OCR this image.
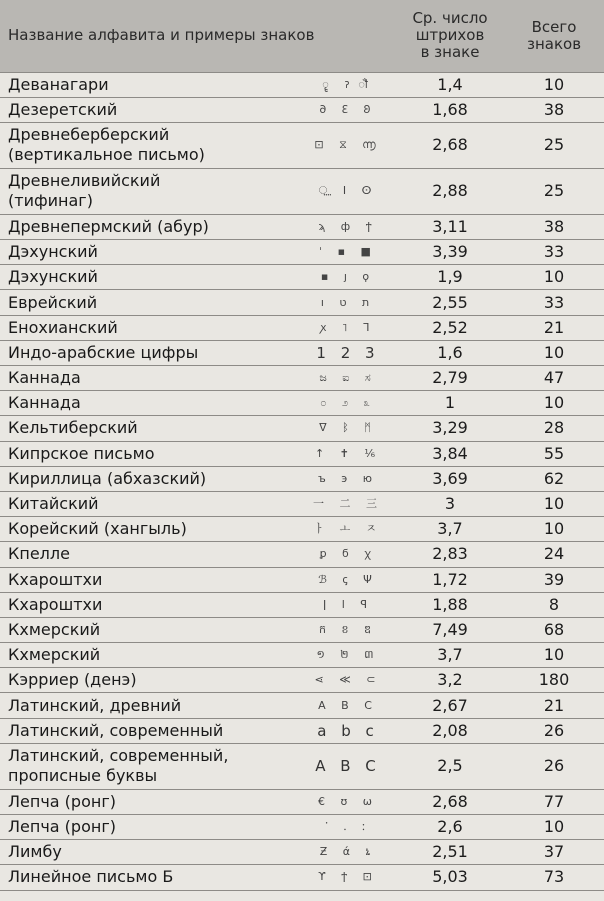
Название алфавита и примеры знаков		Ср. число
штрихов
в знаке	Всего
знаков

Деванагари	ॄ ॽ ॏ	1,4	10

Дезеретский	𐐀 𐐁 𐐂	1,68	38

Древнеберберский
(вертикальное письмо)	⊡ ⧖ ൬	2,68	25

Древнеливийский
(тифинаг)	⵿ ⵏ ⵙ	2,88	25

Древнепермский (абур)	ϡ ф ϯ	3,11	38

Дэхунский	ˈ ▪ ■	3,39	33

Дэхунский	▪ ȷ ϙ	1,9	10

Еврейский	ת ט ו	2,55	33

Енохианский	ꭗ ˥ ᒣ	2,52	21

Индо-арабские цифры	1 2 3	1,6	10

Каннада	ಜ ಐ ಸ	2,79	47

Каннада	೦ ೨ ೩	1	10

Кельтиберский	ᐁ ᛒ ᛗ	3,29	28

Кипрское письмо	↑ ✝ ⅙	3,84	55

Кириллица (абхазский)	ъ э ю	3,69	62

Китайский	一 二 三	3	10

Корейский (хангыль)	ㅏ ㅗ ㅈ	3,7	10

Кпелле	ꝑ ϭ ꭓ	2,83	24

Кхароштхи	ℬ ꞔ Ψ	1,72	39

Кхароштхи	ǀ ⅼ ꟼ	1,88	8

Кхмерский	ក ខ ឌ	7,49	68

Кхмерский	១ ២ ៣	3,7	10

Кэрриер (денэ)	⋖ ≪ ⊂	3,2	180

Латинский, древний	A B C	2,67	21

Латинский, современный	a b c	2,08	26

Латинский, современный,
прописные буквы	A B C	2,5	26

Лепча (ронг)	€ ʊ ω	2,68	77

Лепча (ронг)	ᱸ ᱹ ᱺ	2,6	10

Лимбу	Ƶ ά ኒ	2,51	37

Линейное письмо Б	ϒ ϯ ⊡	5,03	73
